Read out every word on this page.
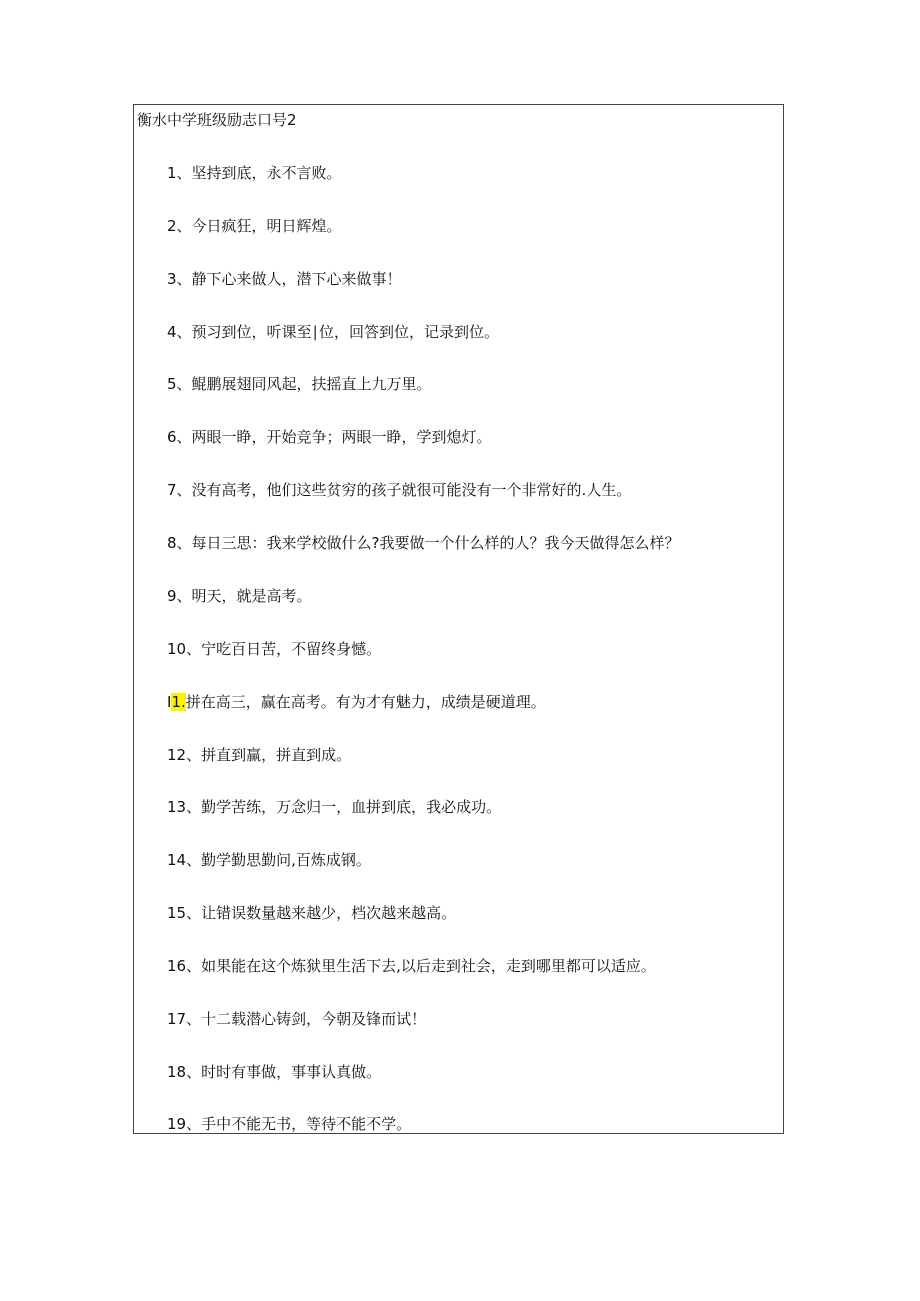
衡水中学班级励志口号2
1、坚持到底，永不言败。
2、今日疯狂，明日辉煌。
3、静下心来做人，潜下心来做事！
4、预习到位，听课至∣位，回答到位，记录到位。
5、鲲鹏展翅同风起，扶摇直上九万里。
6、两眼一睁，开始竞争；两眼一睁，学到熄灯。
7、没有高考，他们这些贫穷的孩子就很可能没有一个非常好的.人生。
8、每日三思：我来学校做什么?我要做一个什么样的人？我今天做得怎么样？
9、明天，就是高考。
10、宁吃百日苦，不留终身憾。
I1.拼在高三，赢在高考。有为才有魅力，成绩是硬道理。
12、拼直到赢，拼直到成。
13、勤学苦练，万念归一，血拼到底，我必成功。
14、勤学勤思勤问,百炼成钢。
15、让错误数量越来越少，档次越来越高。
16、如果能在这个炼狱里生活下去,以后走到社会，走到哪里都可以适应。
17、十二载潜心铸剑，今朝及锋而试！
18、时时有事做，事事认真做。
19、手中不能无书，等待不能不学。
